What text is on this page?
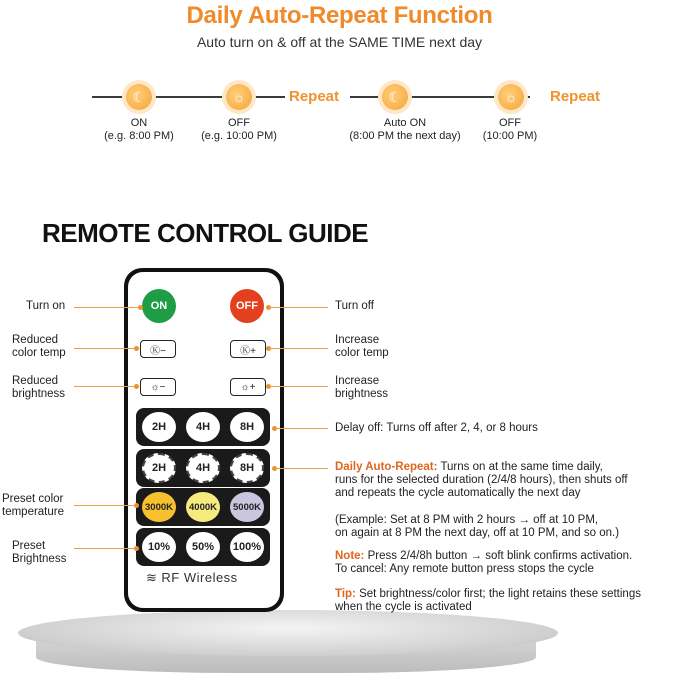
Daily Auto-Repeat Function
Auto turn on & off at the SAME TIME next day
☾	☼	Repeat	☾	☼	Repeat
ON
(e.g. 8:00 PM)
OFF
(e.g. 10:00 PM)
Auto ON
(8:00 PM the next day)
OFF
(10:00 PM)
REMOTE CONTROL GUIDE
ON	OFF
Ⓚ−	Ⓚ+
☼−	☼+
2H	4H	8H
2H	4H	8H
3000K	4000K	5000K
10%	50%	100%
≋ RF Wireless
Turn on
Reduced
color temp
Reduced
brightness
Preset color
temperature
Preset
Brightness
Turn off
Increase
color temp
Increase
brightness
Delay off: Turns off after 2, 4, or 8 hours
Daily Auto-Repeat: Turns on at the same time daily,
runs for the selected duration (2/4/8 hours), then shuts off
and repeats the cycle automatically the next day
(Example: Set at 8 PM with 2 hours → off at 10 PM,
on again at 8 PM the next day, off at 10 PM, and so on.)
Note: Press 2/4/8h button → soft blink confirms activation.
To cancel: Any remote button press stops the cycle
Tip: Set brightness/color first; the light retains these settings
when the cycle is activated
